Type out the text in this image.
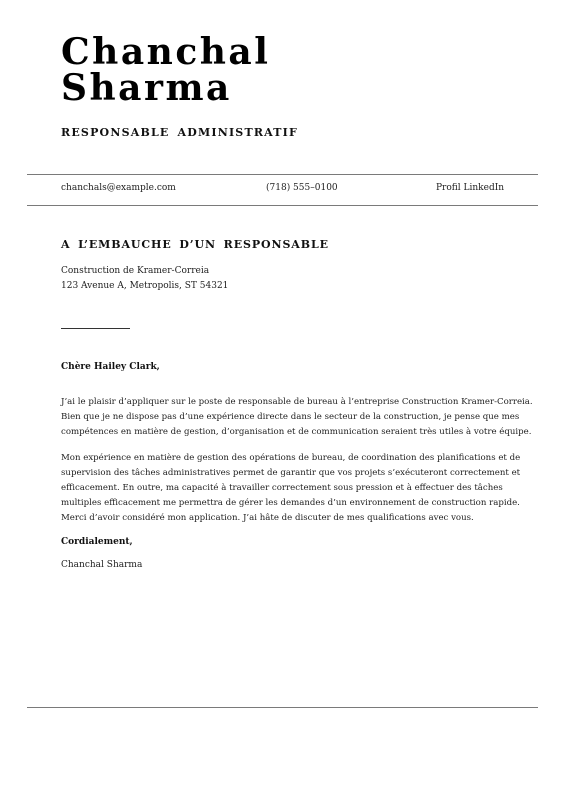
Chanchal
Sharma
RESPONSABLE ADMINISTRATIF
chanchals@example.com	(718) 555–0100	Profil LinkedIn
A L’EMBAUCHE D’UN RESPONSABLE
Construction de Kramer-Correia
123 Avenue A, Metropolis, ST 54321
Chère Hailey Clark,
J’ai le plaisir d’appliquer sur le poste de responsable de bureau à l’entreprise Construction Kramer-Correia.
Bien que je ne dispose pas d’une expérience directe dans le secteur de la construction, je pense que mes
compétences en matière de gestion, d’organisation et de communication seraient très utiles à votre équipe.
Mon expérience en matière de gestion des opérations de bureau, de coordination des planifications et de
supervision des tâches administratives permet de garantir que vos projets s’exécuteront correctement et
efficacement. En outre, ma capacité à travailler correctement sous pression et à effectuer des tâches
multiples efficacement me permettra de gérer les demandes d’un environnement de construction rapide.
Merci d’avoir considéré mon application. J’ai hâte de discuter de mes qualifications avec vous.
Cordialement,
Chanchal Sharma
